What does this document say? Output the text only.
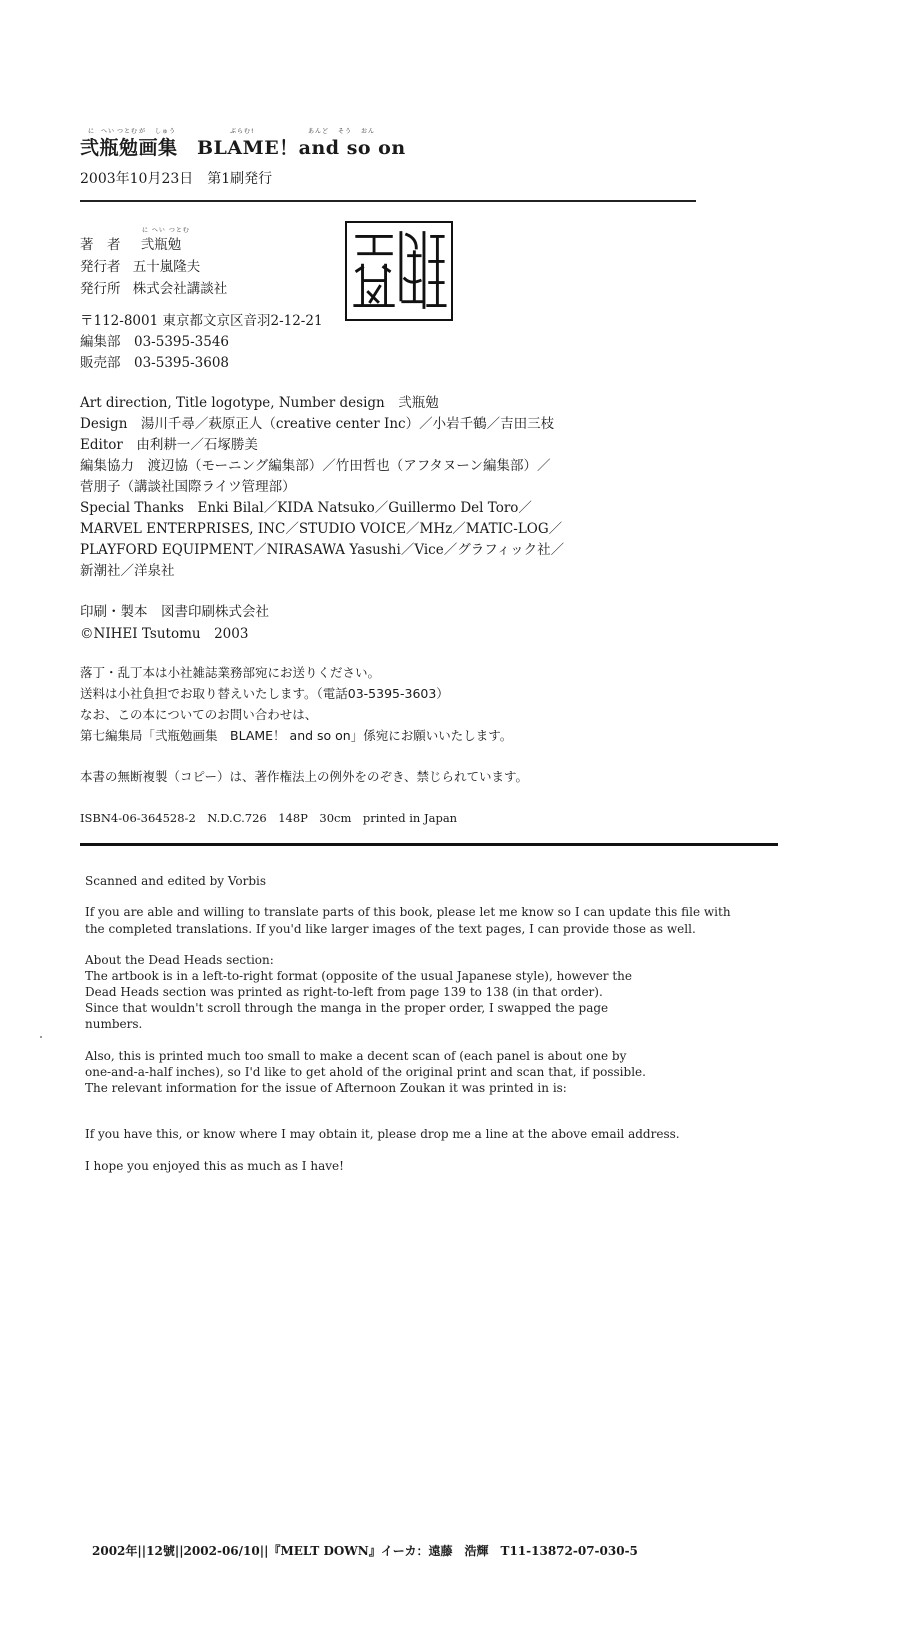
に へい つとむ が しゅう	ぶらむ!	あんど そう おん
弐瓶勉画集　BLAME！and so on
2003年10月23日　第1刷発行
に へい つとむ
著　者 弐瓶勉
発行者 五十嵐隆夫
発行所 株式会社講談社
〒112-8001 東京都文京区音羽2-12-21
編集部　03-5395-3546
販売部　03-5395-3608
Art direction, Title logotype, Number design　弐瓶勉
Design　湯川千尋／萩原正人（creative center Inc）／小岩千鶴／吉田三枝
Editor　由利耕一／石塚勝美
編集協力　渡辺協（モーニング編集部）／竹田哲也（アフタヌーン編集部）／
菅朋子（講談社国際ライツ管理部）
Special Thanks　Enki Bilal／KIDA Natsuko／Guillermo Del Toro／
MARVEL ENTERPRISES, INC／STUDIO VOICE／MHz／MATIC-LOG／
PLAYFORD EQUIPMENT／NIRASAWA Yasushi／Vice／グラフィック社／
新潮社／洋泉社
印刷・製本　図書印刷株式会社
©NIHEI Tsutomu　2003
落丁・乱丁本は小社雑誌業務部宛にお送りください。
送料は小社負担でお取り替えいたします。（電話03-5395-3603）
なお、この本についてのお問い合わせは、
第七編集局「弐瓶勉画集　BLAME！ and so on」係宛にお願いいたします。
本書の無断複製（コピー）は、著作権法上の例外をのぞき、禁じられています。
ISBN4-06-364528-2　N.D.C.726　148P　30cm　printed in Japan
Scanned and edited by Vorbis
If you are able and willing to translate parts of this book, please let me know so I can update this file with
the completed translations. If you'd like larger images of the text pages, I can provide those as well.
About the Dead Heads section:
The artbook is in a left-to-right format (opposite of the usual Japanese style), however the
Dead Heads section was printed as right-to-left from page 139 to 138 (in that order).
Since that wouldn't scroll through the manga in the proper order, I swapped the page
numbers.
Also, this is printed much too small to make a decent scan of (each panel is about one by
one-and-a-half inches), so I'd like to get ahold of the original print and scan that, if possible.
The relevant information for the issue of Afternoon Zoukan it was printed in is:
If you have this, or know where I may obtain it, please drop me a line at the above email address.
I hope you enjoyed this as much as I have!
2002年||12號||2002-06/10||『MELT DOWN』イーカ：遠藤　浩輝　T11-13872-07-030-5
